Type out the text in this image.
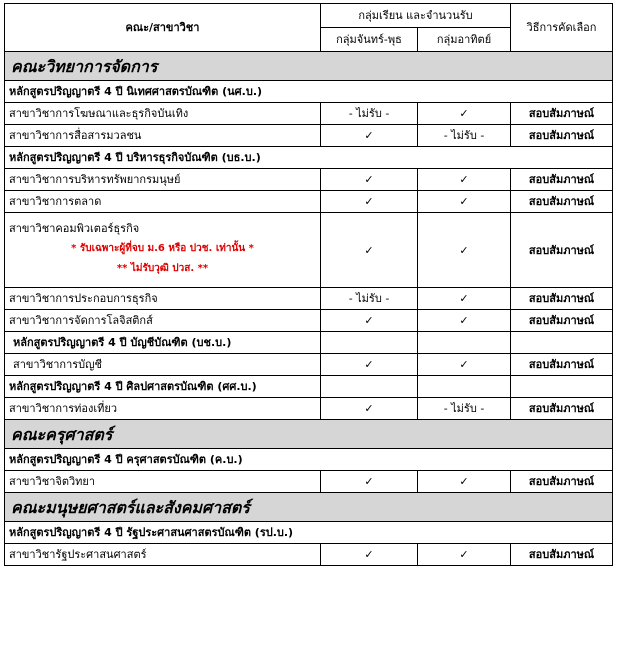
คณะ/สาขาวิชา	กลุ่มเรียน และจำนวนรับ		วิธีการคัดเลือก
	กลุ่มจันทร์-พุธ	กลุ่มอาทิตย์	
คณะวิทยาการจัดการ			
หลักสูตรปริญญาตรี 4 ปี นิเทศศาสตรบัณฑิต (นศ.บ.)			
สาขาวิชาการโฆษณาและธุรกิจบันเทิง	- ไม่รับ -	✓	สอบสัมภาษณ์
สาขาวิชาการสื่อสารมวลชน	✓	- ไม่รับ -	สอบสัมภาษณ์
หลักสูตรปริญญาตรี 4 ปี บริหารธุรกิจบัณฑิต (บธ.บ.)			
สาขาวิชาการบริหารทรัพยากรมนุษย์	✓	✓	สอบสัมภาษณ์
สาขาวิชาการตลาด	✓	✓	สอบสัมภาษณ์
สาขาวิชาคอมพิวเตอร์ธุรกิจ
* รับเฉพาะผู้ที่จบ ม.6 หรือ ปวช. เท่านั้น *
** ไม่รับวุฒิ ปวส. **	✓	✓	สอบสัมภาษณ์
สาขาวิชาการประกอบการธุรกิจ	- ไม่รับ -	✓	สอบสัมภาษณ์
สาขาวิชาการจัดการโลจิสติกส์	✓	✓	สอบสัมภาษณ์
หลักสูตรปริญญาตรี 4 ปี บัญชีบัณฑิต (บช.บ.)			
สาขาวิชาการบัญชี	✓	✓	สอบสัมภาษณ์
หลักสูตรปริญญาตรี 4 ปี ศิลปศาสตรบัณฑิต (ศศ.บ.)			
สาขาวิชาการท่องเที่ยว	✓	- ไม่รับ -	สอบสัมภาษณ์
คณะครุศาสตร์			
หลักสูตรปริญญาตรี 4 ปี ครุศาสตรบัณฑิต (ค.บ.)			
สาขาวิชาจิตวิทยา	✓	✓	สอบสัมภาษณ์
คณะมนุษยศาสตร์และสังคมศาสตร์			
หลักสูตรปริญญาตรี 4 ปี รัฐประศาสนศาสตรบัณฑิต (รป.บ.)			
สาขาวิชารัฐประศาสนศาสตร์	✓	✓	สอบสัมภาษณ์
